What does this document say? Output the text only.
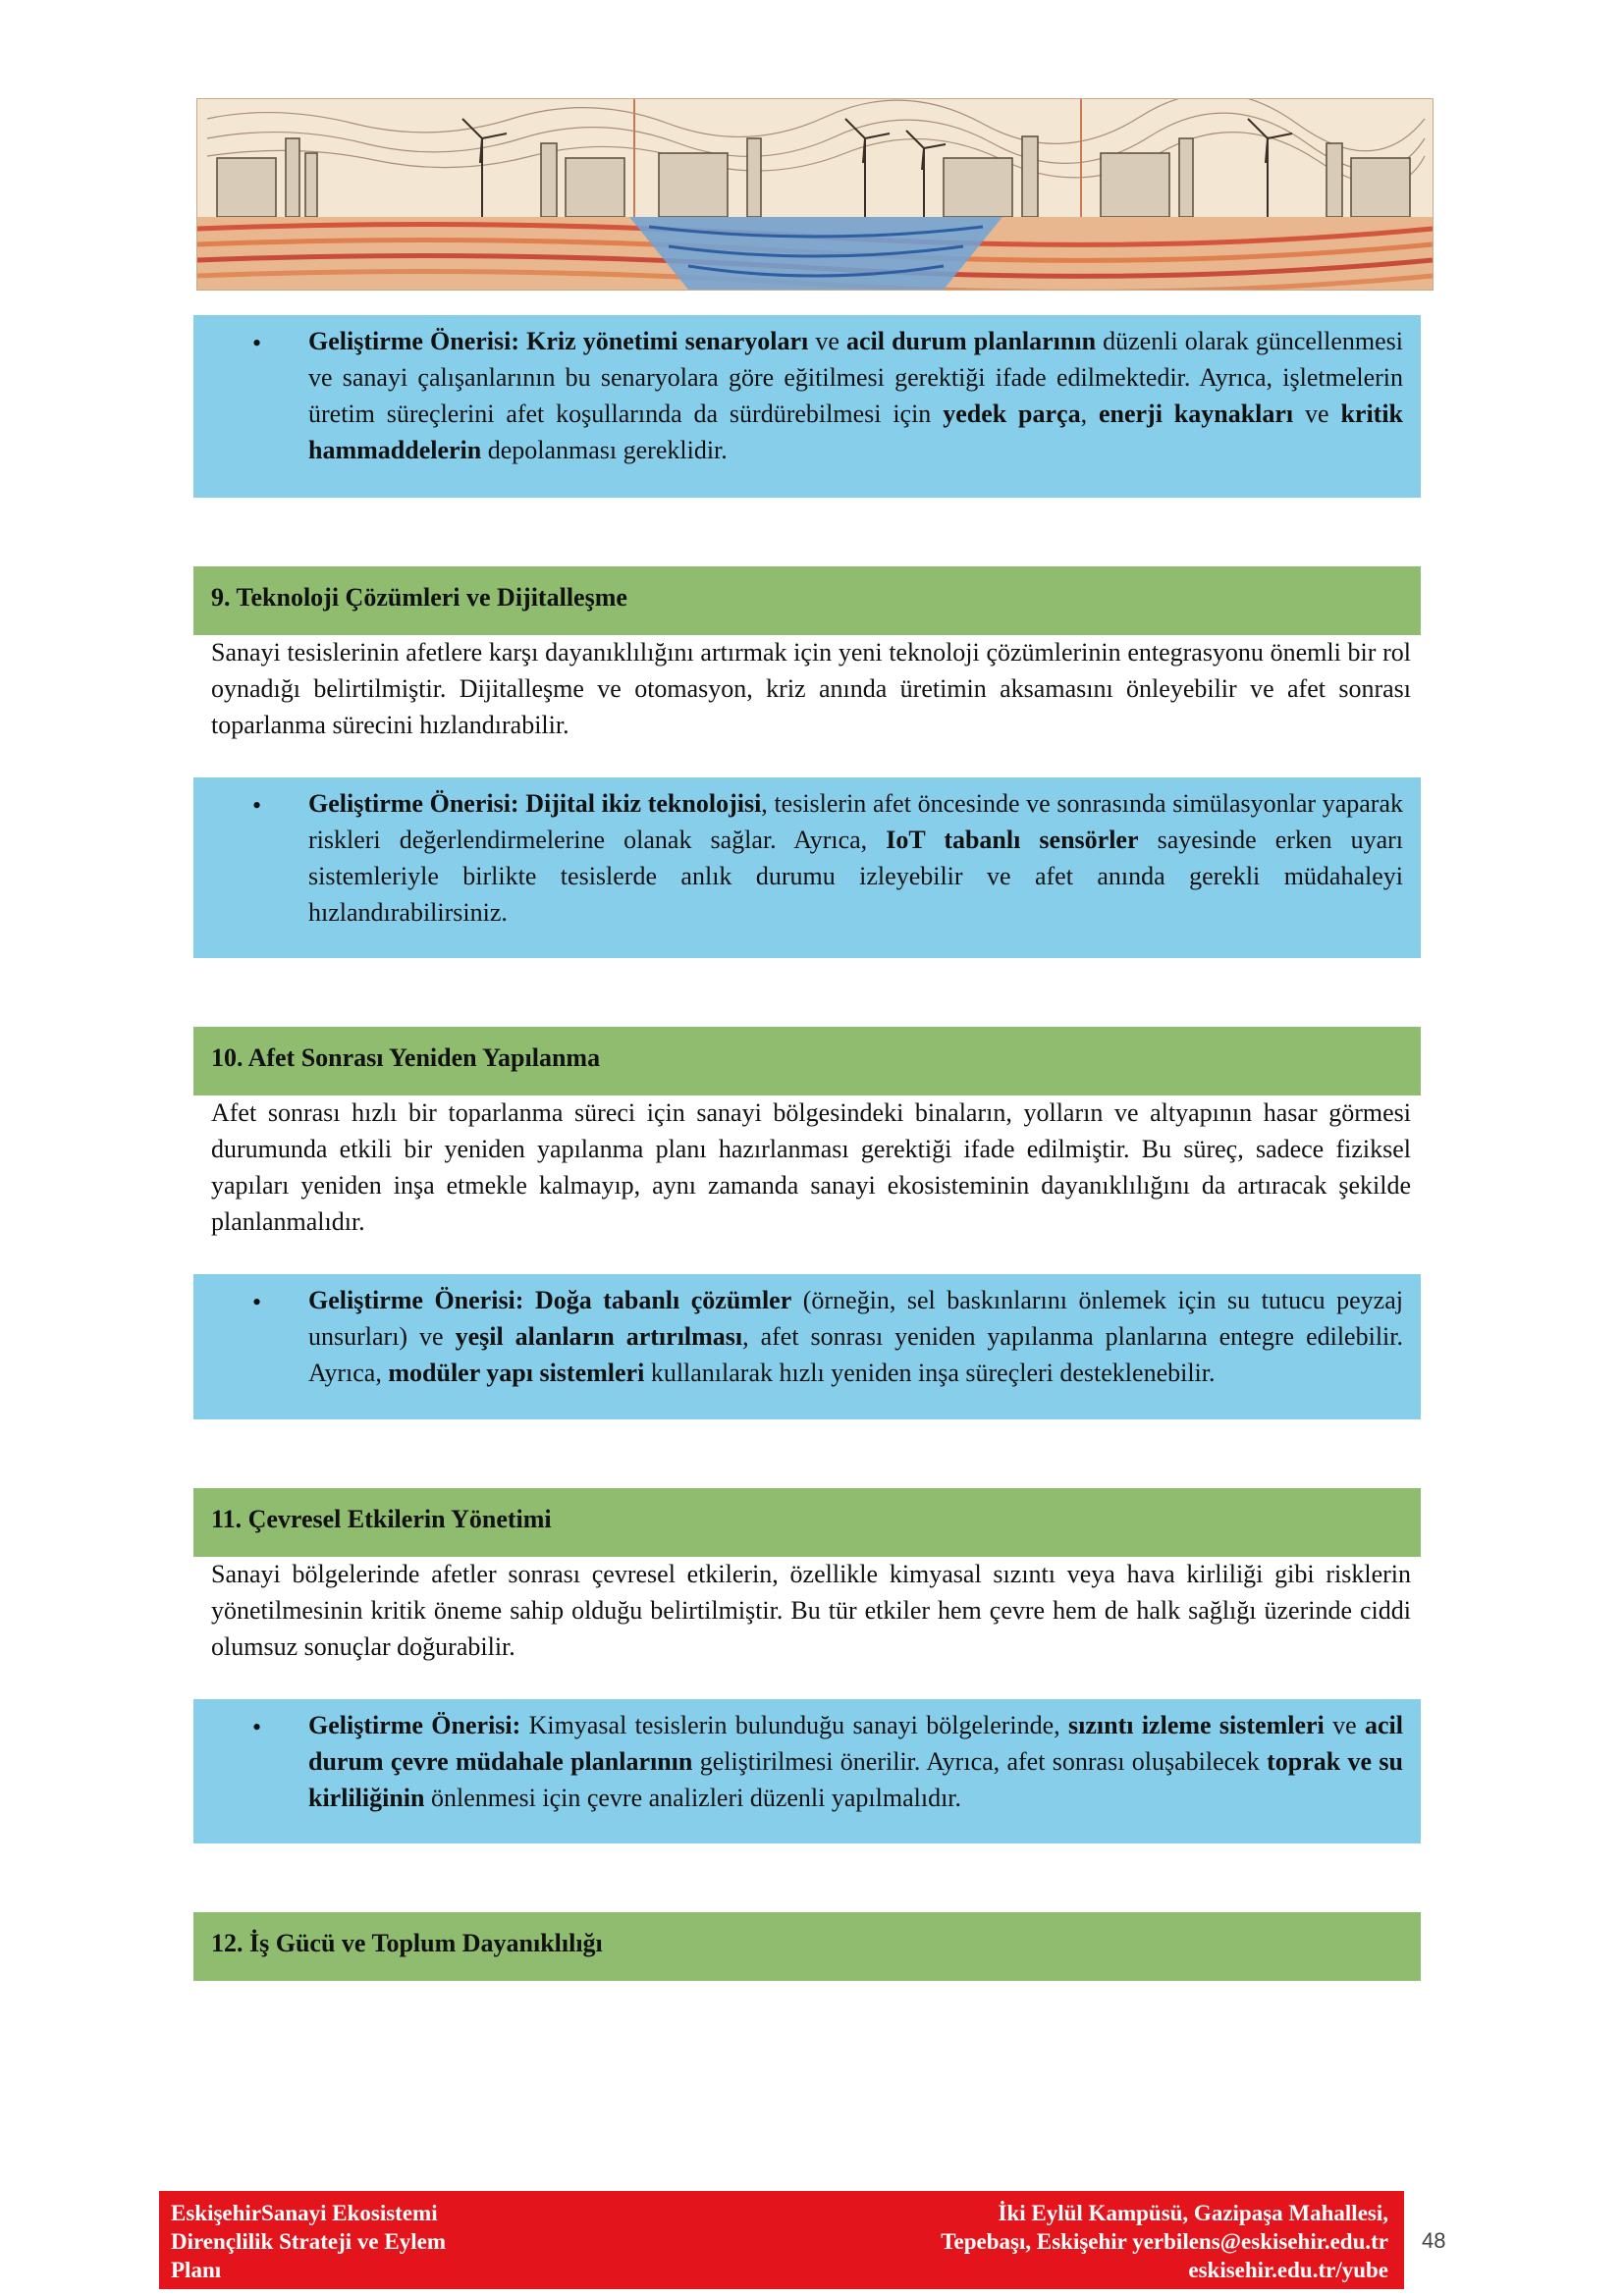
• Geliştirme Önerisi: Kriz yönetimi senaryoları ve acil durum planlarının düzenli olarak güncellenmesi ve sanayi çalışanlarının bu senaryolara göre eğitilmesi gerektiği ifade edilmektedir. Ayrıca, işletmelerin üretim süreçlerini afet koşullarında da sürdürebilmesi için yedek parça, enerji kaynakları ve kritik hammaddelerin depolanması gereklidir.
9. Teknoloji Çözümleri ve Dijitalleşme
Sanayi tesislerinin afetlere karşı dayanıklılığını artırmak için yeni teknoloji çözümlerinin entegrasyonu önemli bir rol oynadığı belirtilmiştir. Dijitalleşme ve otomasyon, kriz anında üretimin aksamasını önleyebilir ve afet sonrası toparlanma sürecini hızlandırabilir.
• Geliştirme Önerisi: Dijital ikiz teknolojisi, tesislerin afet öncesinde ve sonrasında simülasyonlar yaparak riskleri değerlendirmelerine olanak sağlar. Ayrıca, IoT tabanlı sensörler sayesinde erken uyarı sistemleriyle birlikte tesislerde anlık durumu izleyebilir ve afet anında gerekli müdahaleyi hızlandırabilirsiniz.
10. Afet Sonrası Yeniden Yapılanma
Afet sonrası hızlı bir toparlanma süreci için sanayi bölgesindeki binaların, yolların ve altyapının hasar görmesi durumunda etkili bir yeniden yapılanma planı hazırlanması gerektiği ifade edilmiştir. Bu süreç, sadece fiziksel yapıları yeniden inşa etmekle kalmayıp, aynı zamanda sanayi ekosisteminin dayanıklılığını da artıracak şekilde planlanmalıdır.
• Geliştirme Önerisi: Doğa tabanlı çözümler (örneğin, sel baskınlarını önlemek için su tutucu peyzaj unsurları) ve yeşil alanların artırılması, afet sonrası yeniden yapılanma planlarına entegre edilebilir. Ayrıca, modüler yapı sistemleri kullanılarak hızlı yeniden inşa süreçleri desteklenebilir.
11. Çevresel Etkilerin Yönetimi
Sanayi bölgelerinde afetler sonrası çevresel etkilerin, özellikle kimyasal sızıntı veya hava kirliliği gibi risklerin yönetilmesinin kritik öneme sahip olduğu belirtilmiştir. Bu tür etkiler hem çevre hem de halk sağlığı üzerinde ciddi olumsuz sonuçlar doğurabilir.
• Geliştirme Önerisi: Kimyasal tesislerin bulunduğu sanayi bölgelerinde, sızıntı izleme sistemleri ve acil durum çevre müdahale planlarının geliştirilmesi önerilir. Ayrıca, afet sonrası oluşabilecek toprak ve su kirliliğinin önlenmesi için çevre analizleri düzenli yapılmalıdır.
12. İş Gücü ve Toplum Dayanıklılığı
EskişehirSanayi Ekosistemi
Dirençlilik Strateji ve Eylem
Planı
İki Eylül Kampüsü, Gazipaşa Mahallesi,
Tepebaşı, Eskişehir yerbilens@eskisehir.edu.tr
eskisehir.edu.tr/yube
48
